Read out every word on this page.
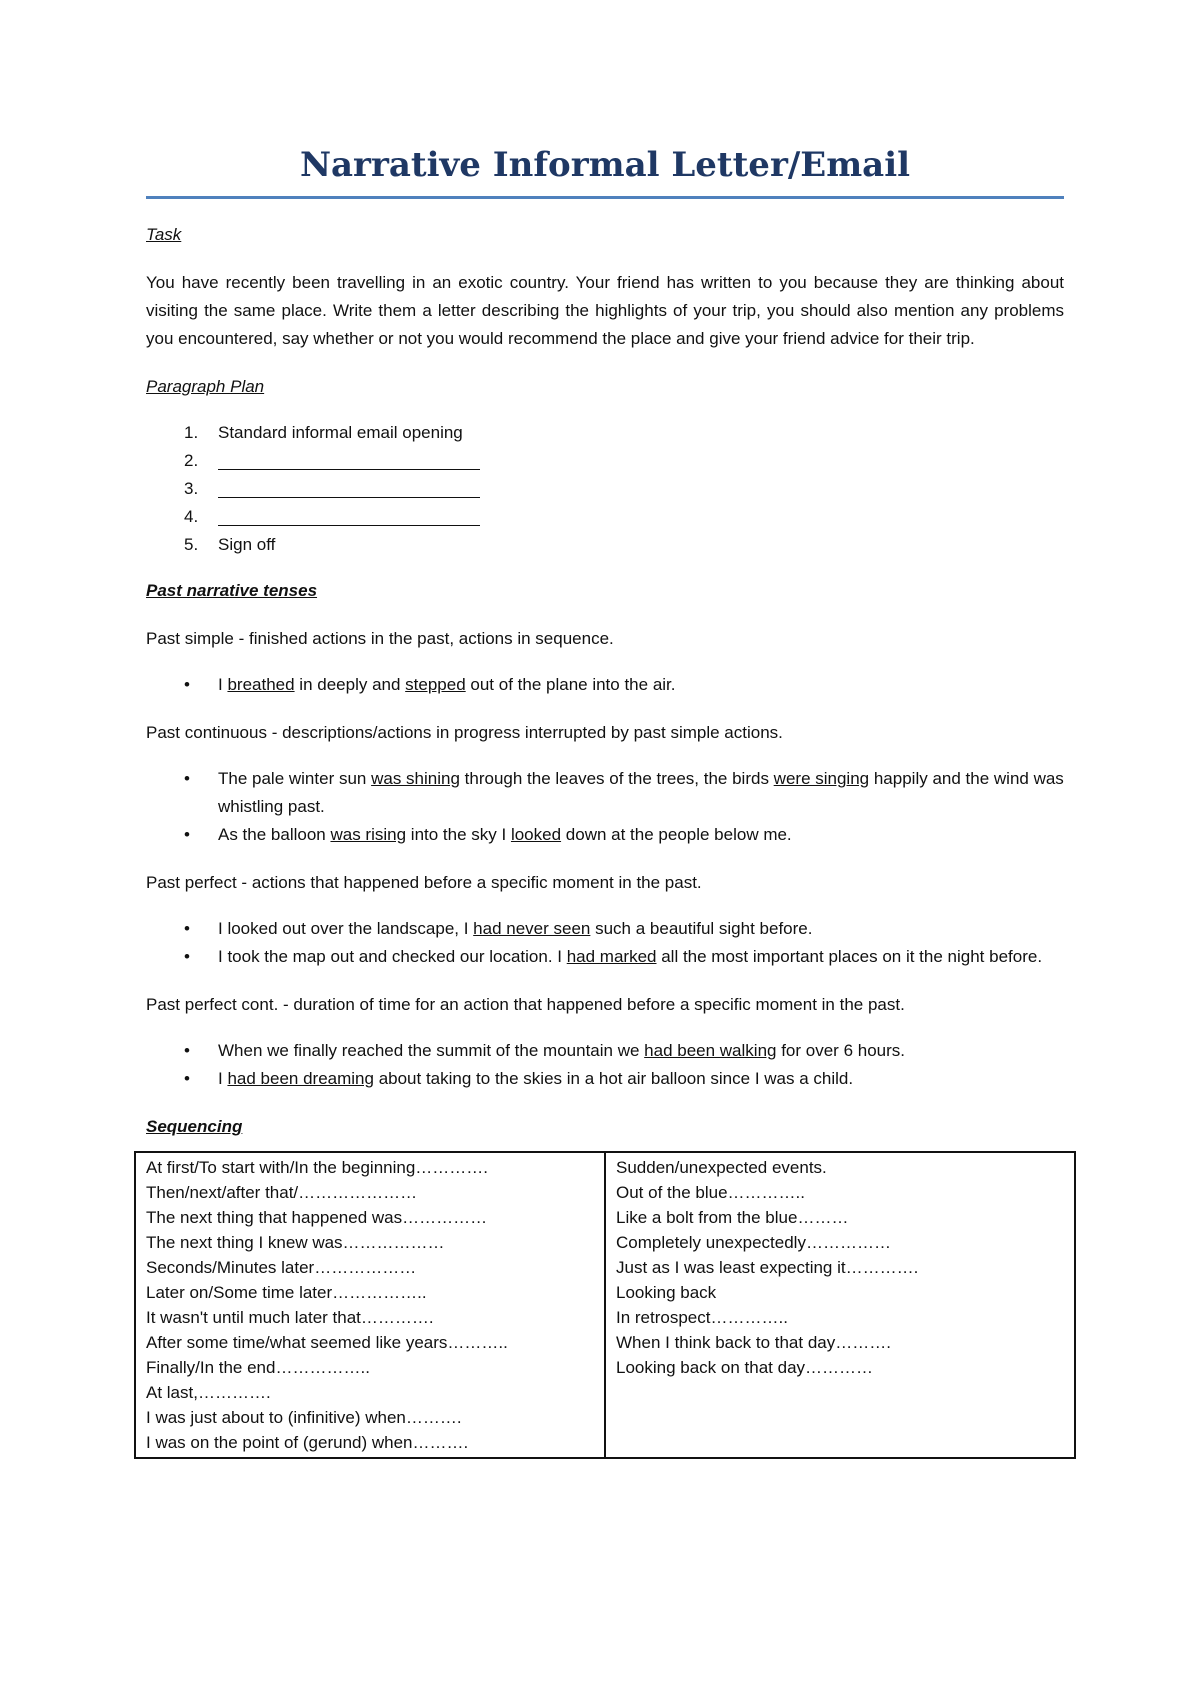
Narrative Informal Letter/Email

Task

You have recently been travelling in an exotic country. Your friend has written to you because they are thinking about visiting the same place. Write them a letter describing the highlights of your trip, you should also mention any problems you encountered, say whether or not you would recommend the place and give your friend advice for their trip.

Paragraph Plan

1.	Standard informal email opening
2.
3.
4.
5.	Sign off

Past narrative tenses

Past simple - finished actions in the past, actions in sequence.

• I breathed in deeply and stepped out of the plane into the air.

Past continuous - descriptions/actions in progress interrupted by past simple actions.

• The pale winter sun was shining through the leaves of the trees, the birds were singing happily and the wind was whistling past.
• As the balloon was rising into the sky I looked down at the people below me.

Past perfect - actions that happened before a specific moment in the past.

• I looked out over the landscape, I had never seen such a beautiful sight before.
• I took the map out and checked our location. I had marked all the most important places on it the night before.

Past perfect cont. - duration of time for an action that happened before a specific moment in the past.

• When we finally reached the summit of the mountain we had been walking for over 6 hours.
• I had been dreaming about taking to the skies in a hot air balloon since I was a child.

Sequencing

At first/To start with/In the beginning………….
Then/next/after that/…………………
The next thing that happened was……………
The next thing I knew was………………
Seconds/Minutes later………………
Later on/Some time later……………..
It wasn't until much later that………….
After some time/what seemed like years………..
Finally/In the end……………..
At last,………….
I was just about to (infinitive) when……….
I was on the point of (gerund) when……….

Sudden/unexpected events.
Out of the blue…………..
Like a bolt from the blue………
Completely unexpectedly……………
Just as I was least expecting it………….
Looking back
In retrospect…………..
When I think back to that day……….
Looking back on that day…………
